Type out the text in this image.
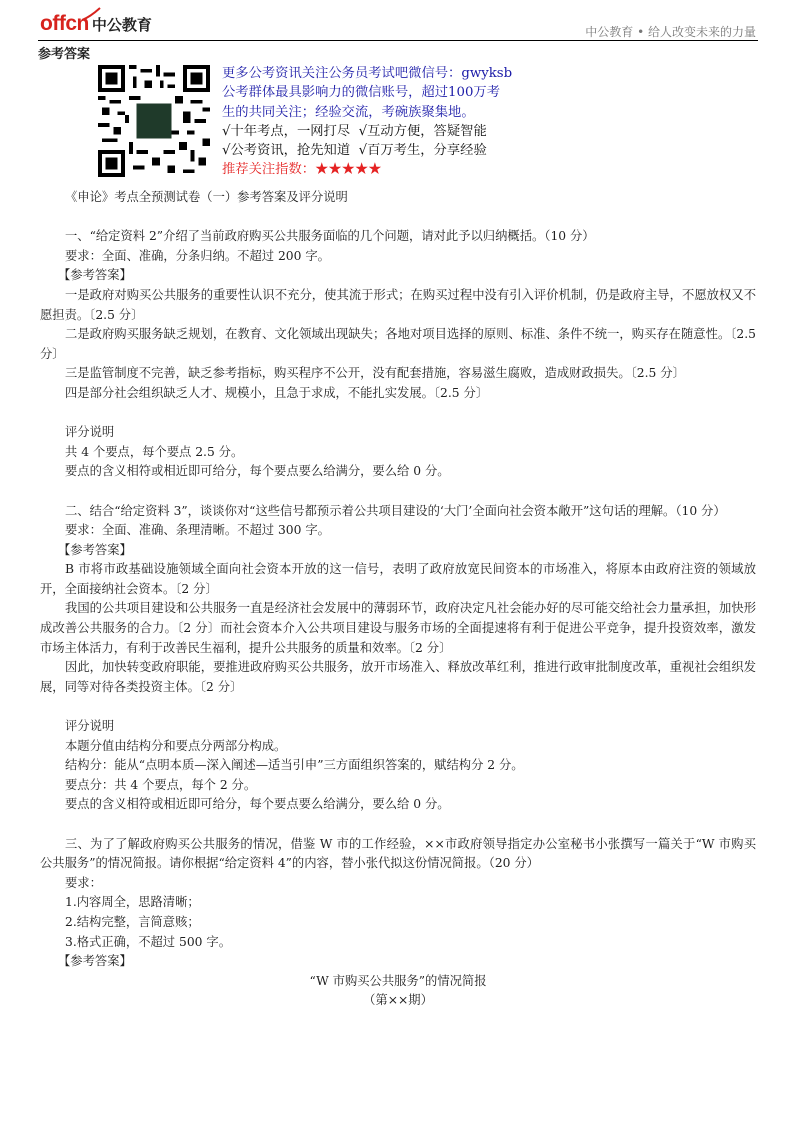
offcn 中公教育	中公教育 • 给人改变未来的力量
参考答案
更多公考资讯关注公务员考试吧微信号：gwyksb
公考群体最具影响力的微信账号，超过100万考
生的共同关注；经验交流，考碗族聚集地。
√十年考点，一网打尽  √互动方便，答疑智能
√公考资讯，抢先知道  √百万考生，分享经验
推荐关注指数：★★★★★

《申论》考点全预测试卷（一）参考答案及评分说明

一、“给定资料 2”介绍了当前政府购买公共服务面临的几个问题，请对此予以归纳概括。（10 分）

要求：全面、准确，分条归纳。不超过 200 字。

【参考答案】

一是政府对购买公共服务的重要性认识不充分，使其流于形式；在购买过程中没有引入评价机制，仍是政府主导，不愿放权又不愿担责。〔2.5 分〕

二是政府购买服务缺乏规划，在教育、文化领域出现缺失；各地对项目选择的原则、标准、条件不统一，购买存在随意性。〔2.5 分〕

三是监管制度不完善，缺乏参考指标，购买程序不公开，没有配套措施，容易滋生腐败，造成财政损失。〔2.5 分〕

四是部分社会组织缺乏人才、规模小，且急于求成，不能扎实发展。〔2.5 分〕

评分说明

共 4 个要点，每个要点 2.5 分。

要点的含义相符或相近即可给分，每个要点要么给满分，要么给 0 分。

二、结合“给定资料 3”，谈谈你对“这些信号都预示着公共项目建设的‘大门’全面向社会资本敞开”这句话的理解。（10 分）

要求：全面、准确、条理清晰。不超过 300 字。

【参考答案】

B 市将市政基础设施领域全面向社会资本开放的这一信号，表明了政府放宽民间资本的市场准入，将原本由政府注资的领域放开，全面接纳社会资本。〔2 分〕

我国的公共项目建设和公共服务一直是经济社会发展中的薄弱环节，政府决定凡社会能办好的尽可能交给社会力量承担，加快形成改善公共服务的合力。〔2 分〕而社会资本介入公共项目建设与服务市场的全面提速将有利于促进公平竞争，提升投资效率，激发市场主体活力，有利于改善民生福利，提升公共服务的质量和效率。〔2 分〕

因此，加快转变政府职能，要推进政府购买公共服务，放开市场准入、释放改革红利，推进行政审批制度改革，重视社会组织发展，同等对待各类投资主体。〔2 分〕

评分说明

本题分值由结构分和要点分两部分构成。

结构分：能从“点明本质—深入阐述—适当引申”三方面组织答案的，赋结构分 2 分。

要点分：共 4 个要点，每个 2 分。

要点的含义相符或相近即可给分，每个要点要么给满分，要么给 0 分。

三、为了了解政府购买公共服务的情况，借鉴 W 市的工作经验，××市政府领导指定办公室秘书小张撰写一篇关于“W 市购买公共服务”的情况简报。请你根据“给定资料 4”的内容，替小张代拟这份情况简报。（20 分）

要求：

1.内容周全，思路清晰；

2.结构完整，言简意赅；

3.格式正确，不超过 500 字。

【参考答案】

“W 市购买公共服务”的情况简报

（第××期）
